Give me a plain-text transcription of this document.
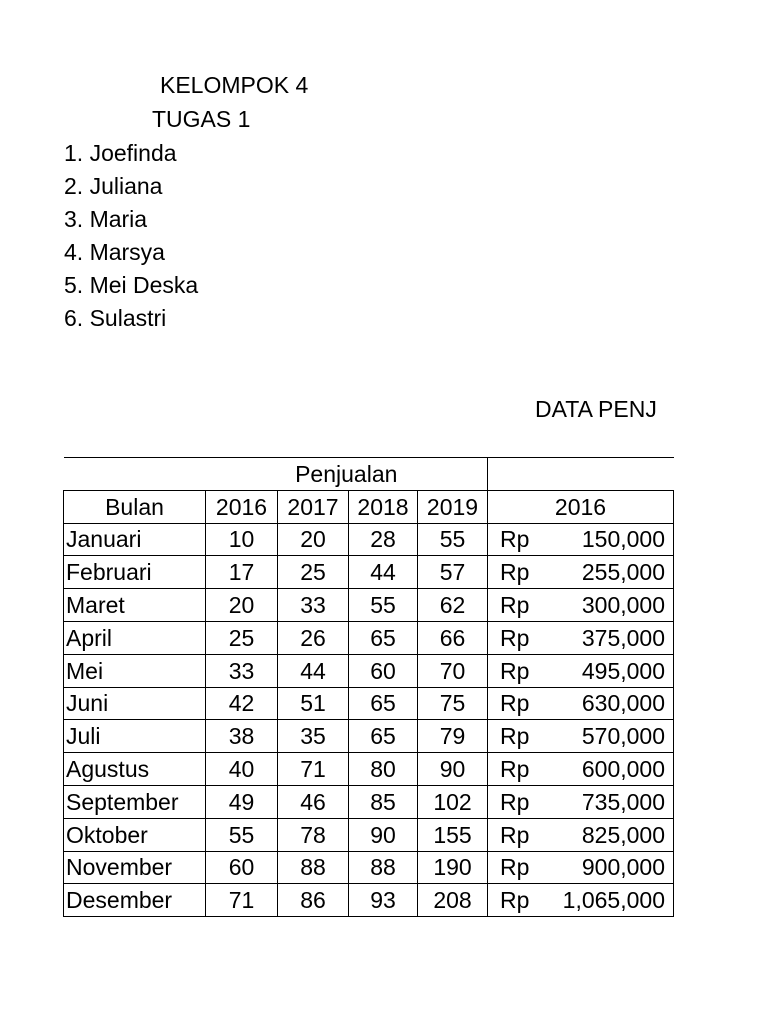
KELOMPOK 4
TUGAS 1
1. Joefinda
2. Juliana
3. Maria
4. Marsya
5. Mei Deska
6. Sulastri
DATA PENJ
	Penjualan					
Bulan	2016	2017	2018	2019	2016	
Januari	10	20	28	55	Rp	150,000
Februari	17	25	44	57	Rp	255,000
Maret	20	33	55	62	Rp	300,000
April	25	26	65	66	Rp	375,000
Mei	33	44	60	70	Rp	495,000
Juni	42	51	65	75	Rp	630,000
Juli	38	35	65	79	Rp	570,000
Agustus	40	71	80	90	Rp	600,000
September	49	46	85	102	Rp	735,000
Oktober	55	78	90	155	Rp	825,000
November	60	88	88	190	Rp	900,000
Desember	71	86	93	208	Rp	1,065,000
